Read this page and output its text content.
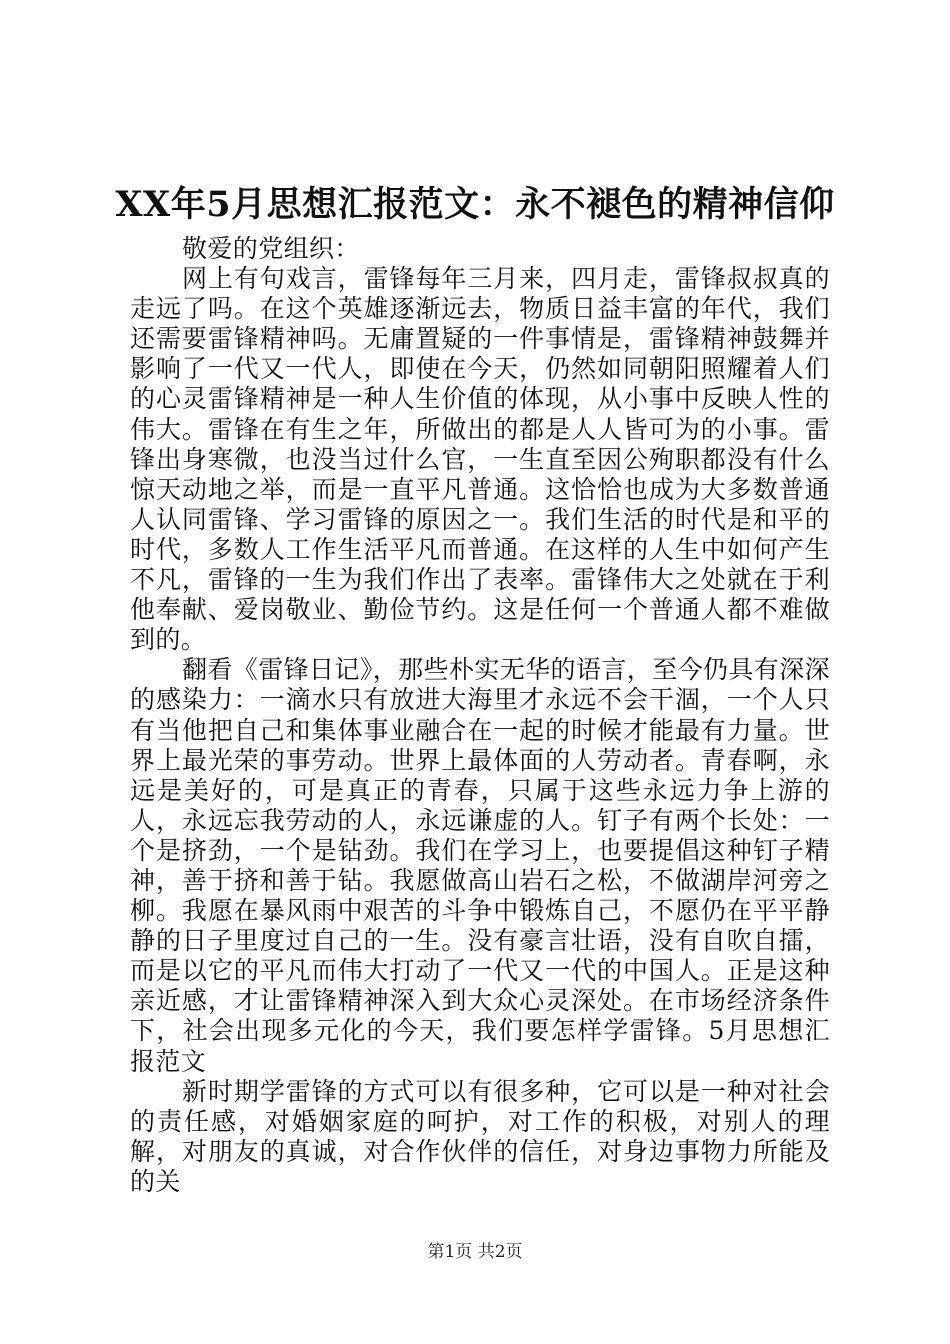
XX年5月思想汇报范文：永不褪色的精神信仰

敬爱的党组织：

网上有句戏言，雷锋每年三月来，四月走，雷锋叔叔真的走远了吗。在这个英雄逐渐远去，物质日益丰富的年代，我们还需要雷锋精神吗。无庸置疑的一件事情是，雷锋精神鼓舞并影响了一代又一代人，即使在今天，仍然如同朝阳照耀着人们的心灵雷锋精神是一种人生价值的体现，从小事中反映人性的伟大。雷锋在有生之年，所做出的都是人人皆可为的小事。雷锋出身寒微，也没当过什么官，一生直至因公殉职都没有什么惊天动地之举，而是一直平凡普通。这恰恰也成为大多数普通人认同雷锋、学习雷锋的原因之一。我们生活的时代是和平的时代，多数人工作生活平凡而普通。在这样的人生中如何产生不凡，雷锋的一生为我们作出了表率。雷锋伟大之处就在于利他奉献、爱岗敬业、勤俭节约。这是任何一个普通人都不难做到的。

翻看《雷锋日记》，那些朴实无华的语言，至今仍具有深深的感染力：一滴水只有放进大海里才永远不会干涸，一个人只有当他把自己和集体事业融合在一起的时候才能最有力量。世界上最光荣的事劳动。世界上最体面的人劳动者。青春啊，永远是美好的，可是真正的青春，只属于这些永远力争上游的人，永远忘我劳动的人，永远谦虚的人。钉子有两个长处：一个是挤劲，一个是钻劲。我们在学习上，也要提倡这种钉子精神，善于挤和善于钻。我愿做高山岩石之松，不做湖岸河旁之柳。我愿在暴风雨中艰苦的斗争中锻炼自己，不愿仍在平平静静的日子里度过自己的一生。没有豪言壮语，没有自吹自擂，而是以它的平凡而伟大打动了一代又一代的中国人。正是这种亲近感，才让雷锋精神深入到大众心灵深处。在市场经济条件下，社会出现多元化的今天，我们要怎样学雷锋。5月思想汇报范文

新时期学雷锋的方式可以有很多种，它可以是一种对社会的责任感，对婚姻家庭的呵护，对工作的积极，对别人的理解，对朋友的真诚，对合作伙伴的信任，对身边事物力所能及的关

第1页 共2页
